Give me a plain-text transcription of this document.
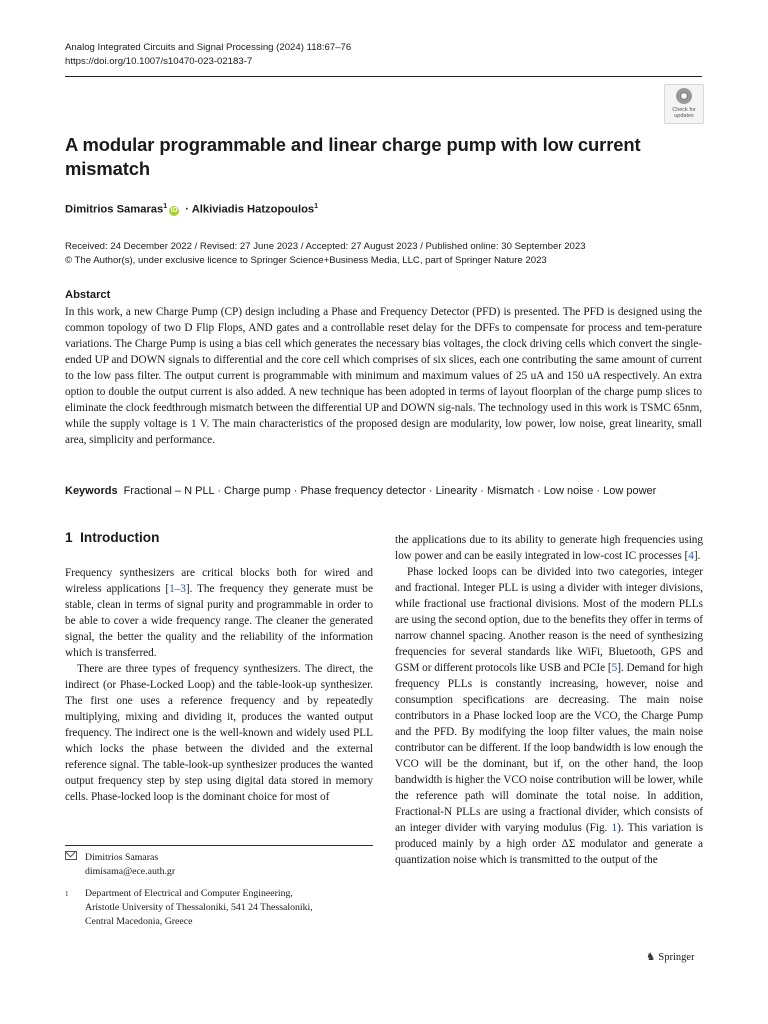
Analog Integrated Circuits and Signal Processing (2024) 118:67–76
https://doi.org/10.1007/s10470-023-02183-7
Check for
updates
A modular programmable and linear charge pump with low current mismatch
Dimitrios Samaras$^1$iD · Alkiviadis Hatzopoulos$^1$
Received: 24 December 2022 / Revised: 27 June 2023 / Accepted: 27 August 2023 / Published online: 30 September 2023
© The Author(s), under exclusive licence to Springer Science+Business Media, LLC, part of Springer Nature 2023
Abstarct
In this work, a new Charge Pump (CP) design including a Phase and Frequency Detector (PFD) is presented. The PFD is designed using the common topology of two D Flip Flops, AND gates and a controllable reset delay for the DFFs to compensate for process and tem-perature variations. The Charge Pump is using a bias cell which generates the necessary bias voltages, the clock driving cells which convert the single-ended UP and DOWN signals to differential and the core cell which comprises of six slices, each one contributing the same amount of current to the low pass filter. The output current is programmable with minimum and maximum values of 25 uA and 150 uA respectively. An extra option to double the output current is also added. A new technique has been adopted in terms of layout floorplan of the charge pump slices to eliminate the clock feedthrough mismatch between the differential UP and DOWN sig-nals. The technology used in this work is TSMC 65nm, while the supply voltage is 1 V. The main characteristics of the proposed design are modularity, low power, low noise, great linearity, small area, simplicity and performance.
Keywords Fractional – N PLL · Charge pump · Phase frequency detector · Linearity · Mismatch · Low noise · Low power
1 Introduction

Frequency synthesizers are critical blocks both for wired and wireless applications [1–3]. The frequency they generate must be stable, clean in terms of signal purity and programmable in order to be able to cover a wide frequency range. The cleaner the generated signal, the better the quality and the reliability of the information which is transferred.

There are three types of frequency synthesizers. The direct, the indirect (or Phase-Locked Loop) and the table-look-up synthesizer. The first one uses a reference frequency and by repeatedly multiplying, mixing and dividing it, produces the wanted output frequency. The indirect one is the well-known and widely used PLL which locks the phase between the divided and the external reference signal. The table-look-up synthesizer produces the wanted output frequency step by step using digital data stored in memory cells. Phase-locked loop is the dominant choice for most of

the applications due to its ability to generate high frequencies using low power and can be easily integrated in low-cost IC processes [4].

Phase locked loops can be divided into two categories, integer and fractional. Integer PLL is using a divider with integer divisions, while fractional use fractional divisions. Most of the modern PLLs are using the second option, due to the benefits they offer in terms of narrow channel spacing. Another reason is the need of synthesizing frequencies for several standards like WiFi, Bluetooth, GPS and GSM or different protocols like USB and PCIe [5]. Demand for high frequency PLLs is constantly increasing, however, noise and consumption specifications are decreasing. The main noise contributors in a Phase locked loop are the VCO, the Charge Pump and the PFD. By modifying the loop filter values, the main noise contributor can be different. If the loop bandwidth is low enough the VCO will be the dominant, but if, on the other hand, the loop bandwidth is higher the VCO noise contribution will be lower, while the reference path will dominate the total noise. In addition, Fractional-N PLLs are using a fractional divider, which consists of an integer divider with varying modulus (Fig. 1). This variation is produced mainly by a high order ΔΣ modulator and generate a quantization noise which is transmitted to the output of the

Dimitrios Samaras
dimisama@ece.auth.gr
1 Department of Electrical and Computer Engineering,
Aristotle University of Thessaloniki, 541 24 Thessaloniki,
Central Macedonia, Greece
♞ Springer
